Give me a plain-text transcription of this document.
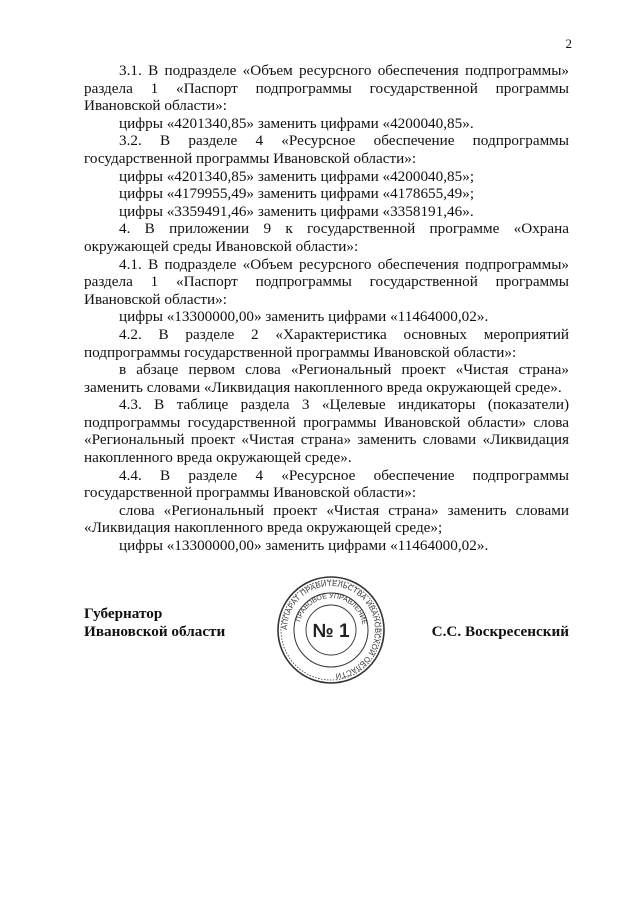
2

3.1. В подразделе «Объем ресурсного обеспечения подпрограммы» раздела 1 «Паспорт подпрограммы государственной программы Ивановской области»:

цифры «4201340,85» заменить цифрами «4200040,85».

3.2. В разделе 4 «Ресурсное обеспечение подпрограммы государственной программы Ивановской области»:

цифры «4201340,85» заменить цифрами «4200040,85»;

цифры «4179955,49» заменить цифрами «4178655,49»;

цифры «3359491,46» заменить цифрами «3358191,46».

4. В приложении 9 к государственной программе «Охрана окружающей среды Ивановской области»:

4.1. В подразделе «Объем ресурсного обеспечения подпрограммы» раздела 1 «Паспорт подпрограммы государственной программы Ивановской области»:

цифры «13300000,00» заменить цифрами «11464000,02».

4.2. В разделе 2 «Характеристика основных мероприятий подпрограммы государственной программы Ивановской области»:

в абзаце первом слова «Региональный проект «Чистая страна» заменить словами «Ликвидация накопленного вреда окружающей среде».

4.3. В таблице раздела 3 «Целевые индикаторы (показатели) подпрограммы государственной программы Ивановской области» слова «Региональный проект «Чистая страна» заменить словами «Ликвидация накопленного вреда окружающей среде».

4.4. В разделе 4 «Ресурсное обеспечение подпрограммы государственной программы Ивановской области»:

слова «Региональный проект «Чистая страна» заменить словами «Ликвидация накопленного вреда окружающей среде»;

цифры «13300000,00» заменить цифрами «11464000,02».

Губернатор
Ивановской области	АППАРАТ ПРАВИТЕЛЬСТВА ИВАНОВСКОЙ ОБЛАСТИ
ПРАВОВОЕ УПРАВЛЕНИЕ
№ 1	С.С. Воскресенский
